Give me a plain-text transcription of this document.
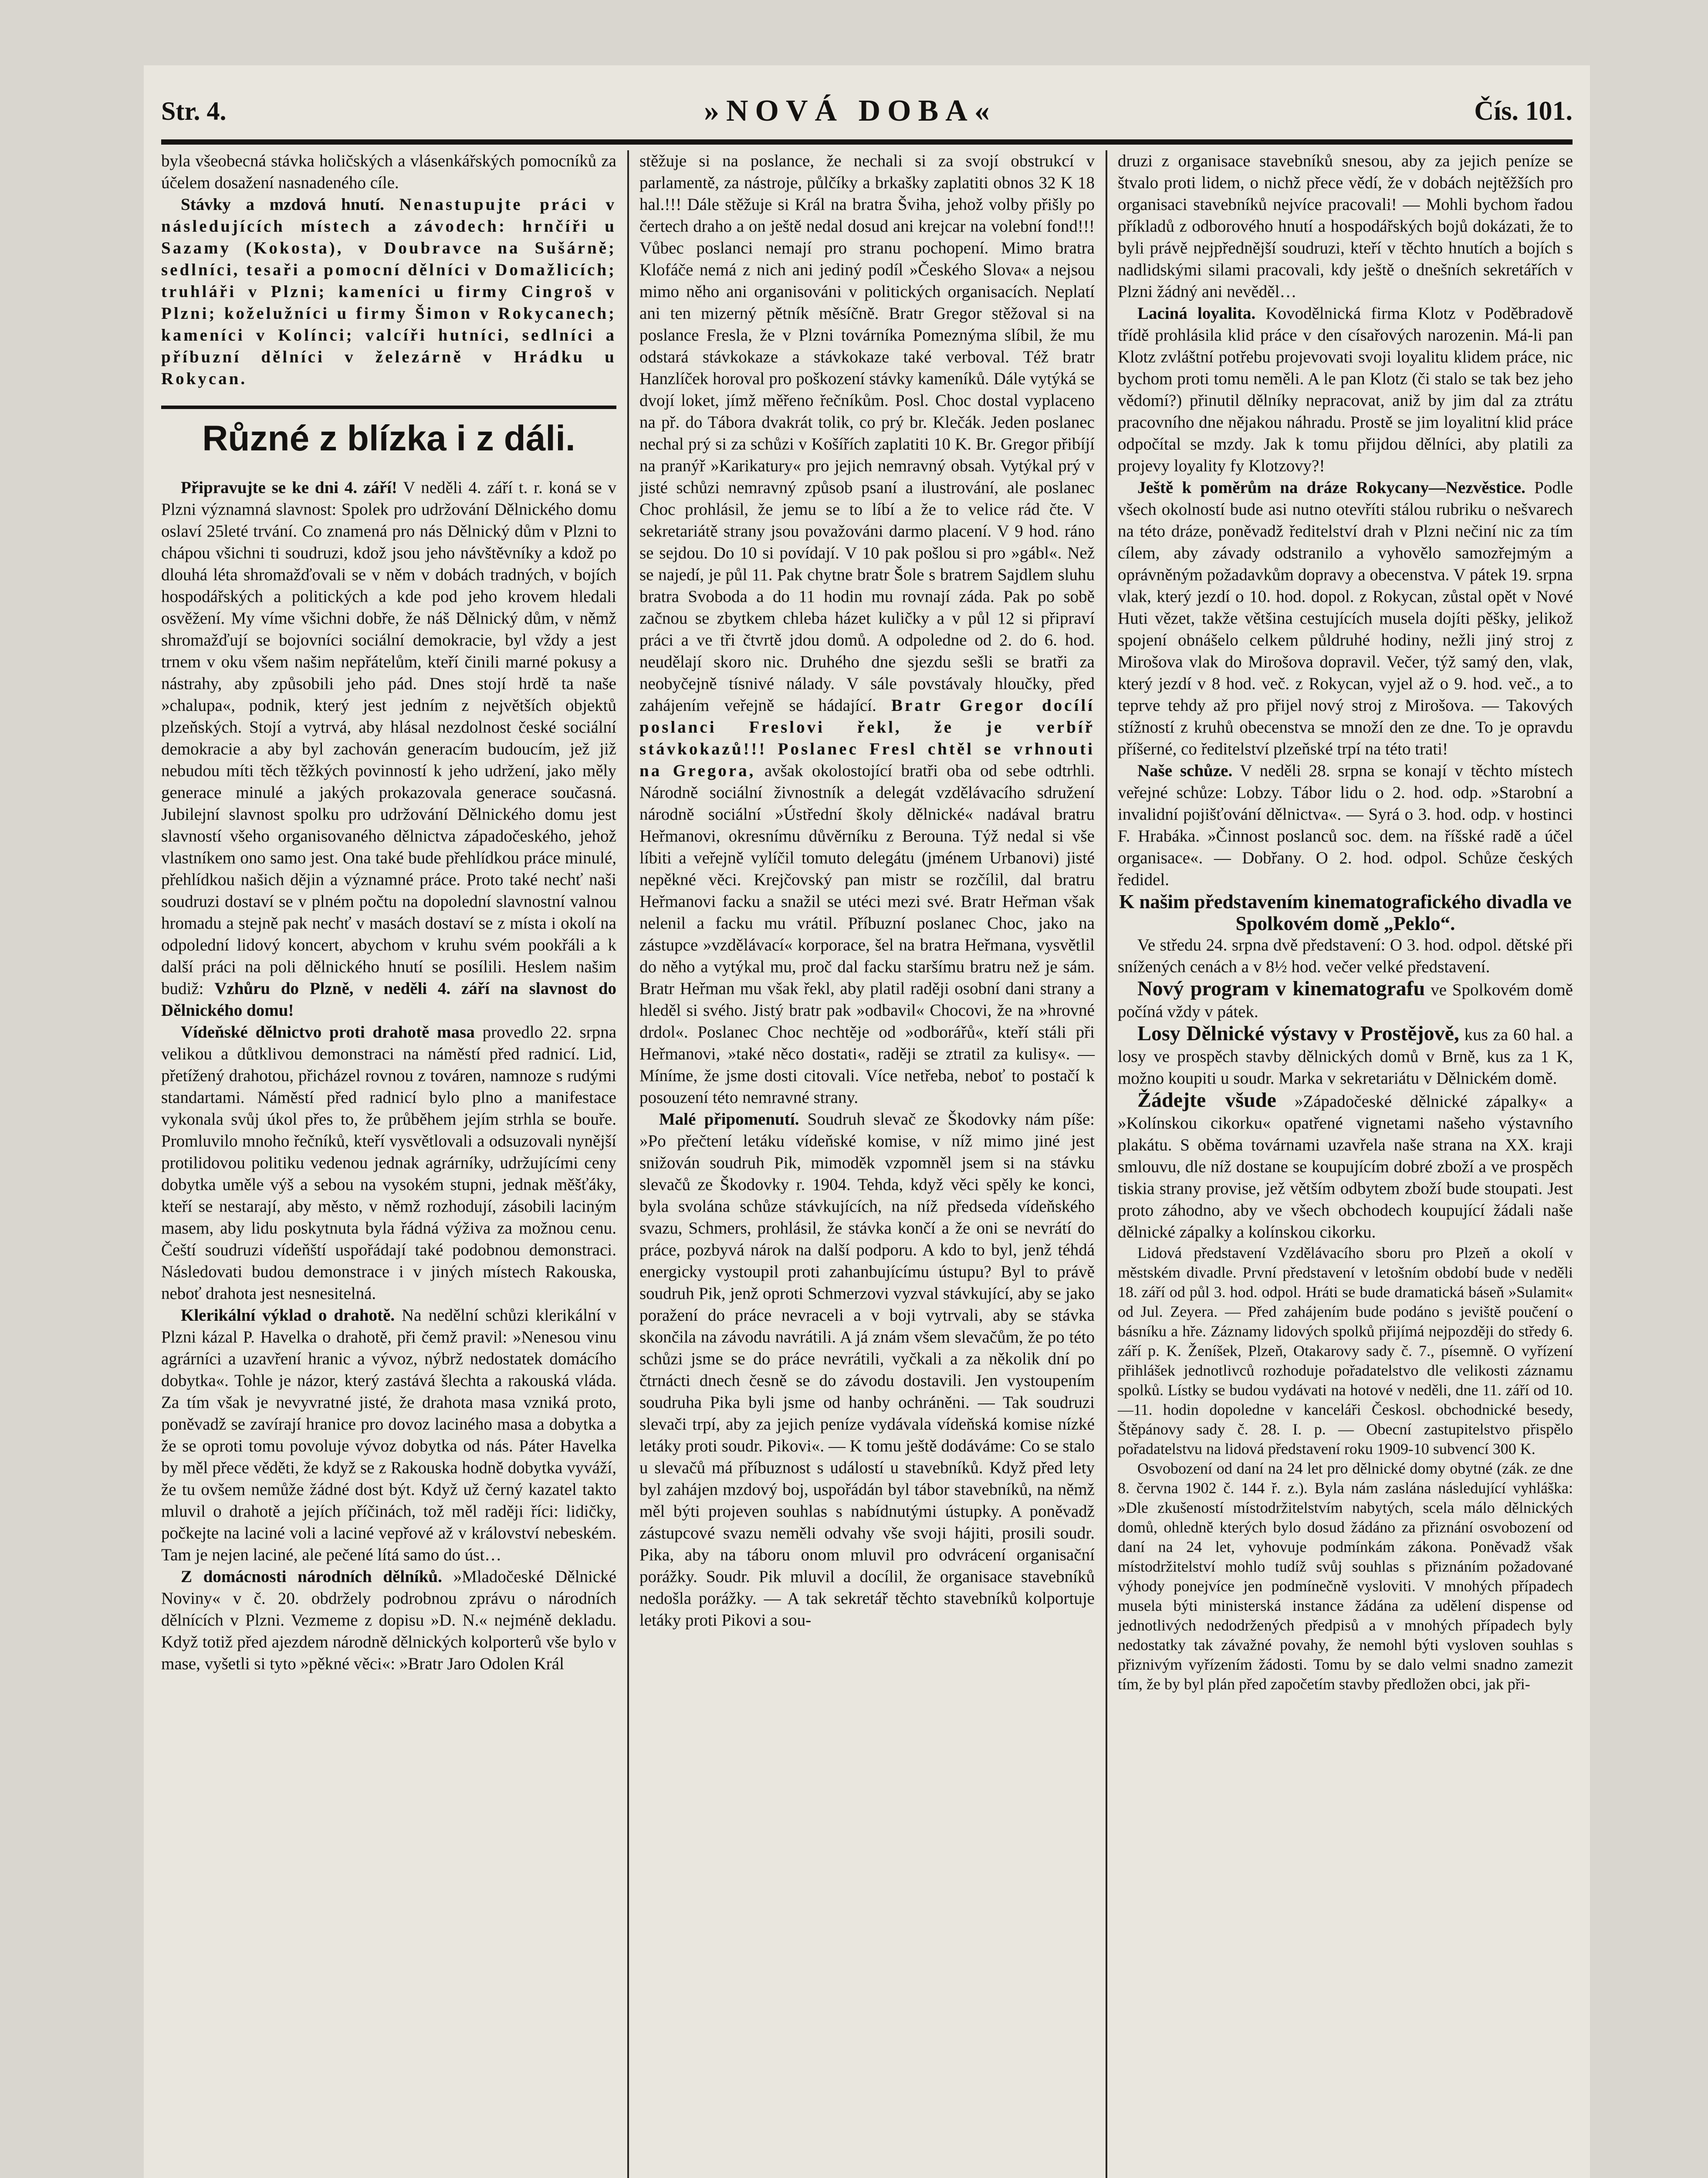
Str. 4.	»NOVÁ DOBA«	Čís. 101.

byla všeobecná stávka holičských a vlásenkářských pomocníků za účelem dosažení nasnadeného cíle.

Stávky a mzdová hnutí. Nenastupujte práci v následujících místech a závodech: hrnčíři u Sazamy (Kokosta), v Doubravce na Sušárně; sedlníci, tesaři a pomocní dělníci v Domažlicích; truhláři v Plzni; kameníci u firmy Cingroš v Plzni; koželužníci u firmy Šimon v Rokycanech; kameníci v Kolínci; valcíři hutníci, sedlníci a příbuzní dělníci v železárně v Hrádku u Rokycan.

Různé z blízka i z dáli.

Připravujte se ke dni 4. září! V neděli 4. září t. r. koná se v Plzni významná slavnost: Spolek pro udržování Dělnického domu oslaví 25leté trvání. Co znamená pro nás Dělnický dům v Plzni to chápou všichni ti soudruzi, kdož jsou jeho návštěvníky a kdož po dlouhá léta shromažďovali se v něm v dobách tradných, v bojích hospodářských a politických a kde pod jeho krovem hledali osvěžení. My víme všichni dobře, že náš Dělnický dům, v němž shromažďují se bojovníci sociální demokracie, byl vždy a jest trnem v oku všem našim nepřátelům, kteří činili marné pokusy a nástrahy, aby způsobili jeho pád. Dnes stojí hrdě ta naše »chalupa«, podnik, který jest jedním z největších objektů plzeňských. Stojí a vytrvá, aby hlásal nezdolnost české sociální demokracie a aby byl zachován generacím budoucím, jež již nebudou míti těch těžkých povinností k jeho udržení, jako měly generace minulé a jakých prokazovala generace současná. Jubilejní slavnost spolku pro udržování Dělnického domu jest slavností všeho organisovaného dělnictva západočeského, jehož vlastníkem ono samo jest. Ona také bude přehlídkou práce minulé, přehlídkou našich dějin a významné práce. Proto také nechť naši soudruzi dostaví se v plném počtu na dopolední slavnostní valnou hromadu a stejně pak nechť v masách dostaví se z místa i okolí na odpolední lidový koncert, abychom v kruhu svém pookřáli a k další práci na poli dělnického hnutí se posílili. Heslem našim budiž: Vzhůru do Plzně, v neděli 4. září na slavnost do Dělnického domu!

Vídeňské dělnictvo proti drahotě masa provedlo 22. srpna velikou a důtklivou demonstraci na náměstí před radnicí. Lid, přetížený drahotou, přicházel rovnou z továren, namnoze s rudými standartami. Náměstí před radnicí bylo plno a manifestace vykonala svůj úkol přes to, že průběhem jejím strhla se bouře. Promluvilo mnoho řečníků, kteří vysvětlovali a odsuzovali nynější protilidovou politiku vedenou jednak agrárníky, udržujícími ceny dobytka uměle výš a sebou na vysokém stupni, jednak měšťáky, kteří se nestarají, aby město, v němž rozhodují, zásobili laciným masem, aby lidu poskytnuta byla řádná výživa za možnou cenu. Čeští soudruzi vídeňští uspořádají také podobnou demonstraci. Následovati budou demonstrace i v jiných místech Rakouska, neboť drahota jest nesnesitelná.

Klerikální výklad o drahotě. Na nedělní schůzi klerikální v Plzni kázal P. Havelka o drahotě, při čemž pravil: »Nenesou vinu agrárníci a uzavření hranic a vývoz, nýbrž nedostatek domácího dobytka«. Tohle je názor, který zastává šlechta a rakouská vláda. Za tím však je nevyvratné jisté, že drahota masa vzniká proto, poněvadž se zavírají hranice pro dovoz laciného masa a dobytka a že se oproti tomu povoluje vývoz dobytka od nás. Páter Havelka by měl přece věděti, že když se z Rakouska hodně dobytka vyváží, že tu ovšem nemůže žádné dost být. Když už černý kazatel takto mluvil o drahotě a jejích příčinách, tož měl raději říci: lidičky, počkejte na laciné voli a laciné vepřové až v království nebeském. Tam je nejen laciné, ale pečené lítá samo do úst…

Z domácnosti národních dělníků. »Mladočeské Dělnické Noviny« v č. 20. obdržely podrobnou zprávu o národních dělnících v Plzni. Vezmeme z dopisu »D. N.« nejméně dekladu. Když totiž před ajezdem národně dělnických kolporterů vše bylo v mase, vyšetli si tyto »pěkné věci«: »Bratr Jaro Odolen Král

stěžuje si na poslance, že nechali si za svojí obstrukcí v parlamentě, za nástroje, půlčíky a brkašky zaplatiti obnos 32 K 18 hal.!!! Dále stěžuje si Král na bratra Šviha, jehož volby přišly po čertech draho a on ještě nedal dosud ani krejcar na volební fond!!! Vůbec poslanci nemají pro stranu pochopení. Mimo bratra Klofáče nemá z nich ani jediný podíl »Českého Slova« a nejsou mimo něho ani organisováni v politických organisacích. Neplatí ani ten mizerný pětník měsíčně. Bratr Gregor stěžoval si na poslance Fresla, že v Plzni továrníka Pomeznýma slíbil, že mu odstará stávkokaze a stávkokaze také verboval. Též bratr Hanzlíček horoval pro poškození stávky kameníků. Dále vytýká se dvojí loket, jímž měřeno řečníkům. Posl. Choc dostal vyplaceno na př. do Tábora dvakrát tolik, co prý br. Klečák. Jeden poslanec nechal prý si za schůzi v Košířích zaplatiti 10 K. Br. Gregor přibíjí na pranýř »Karikatury« pro jejich nemravný obsah. Vytýkal prý v jisté schůzi nemravný způsob psaní a ilustrování, ale poslanec Choc prohlásil, že jemu se to líbí a že to velice rád čte. V sekretariátě strany jsou považováni darmo placení. V 9 hod. ráno se sejdou. Do 10 si povídají. V 10 pak pošlou si pro »gábl«. Než se najedí, je půl 11. Pak chytne bratr Šole s bratrem Sajdlem sluhu bratra Svoboda a do 11 hodin mu rovnají záda. Pak po sobě začnou se zbytkem chleba házet kuličky a v půl 12 si připraví práci a ve tři čtvrtě jdou domů. A odpoledne od 2. do 6. hod. neudělají skoro nic. Druhého dne sjezdu sešli se bratři za neobyčejně tísnivé nálady. V sále povstávaly hloučky, před zahájením veřejně se hádající. Bratr Gregor docílí poslanci Freslovi řekl, že je verbíř stávkokazů!!! Poslanec Fresl chtěl se vrhnouti na Gregora, avšak okolostojící bratři oba od sebe odtrhli. Národně sociální živnostník a delegát vzdělávacího sdružení národně sociální »Ústřední školy dělnické« nadával bratru Heřmanovi, okresnímu důvěrníku z Berouna. Týž nedal si vše líbiti a veřejně vylíčil tomuto delegátu (jménem Urbanovi) jisté nepěkné věci. Krejčovský pan mistr se rozčílil, dal bratru Heřmanovi facku a snažil se utéci mezi své. Bratr Heřman však nelenil a facku mu vrátil. Příbuzní poslanec Choc, jako na zástupce »vzdělávací« korporace, šel na bratra Heřmana, vysvětlil do něho a vytýkal mu, proč dal facku staršímu bratru než je sám. Bratr Heřman mu však řekl, aby platil raději osobní dani strany a hleděl si svého. Jistý bratr pak »odbavil« Chocovi, že na »hrovné drdol«. Poslanec Choc nechtěje od »odborářů«, kteří stáli při Heřmanovi, »také něco dostati«, raději se ztratil za kulisy«. — Míníme, že jsme dosti citovali. Více netřeba, neboť to postačí k posouzení této nemravné strany.

Malé připomenutí. Soudruh slevač ze Škodovky nám píše: »Po přečtení letáku vídeňské komise, v níž mimo jiné jest snižován soudruh Pik, mimoděk vzpomněl jsem si na stávku slevačů ze Škodovky r. 1904. Tehda, když věci spěly ke konci, byla svolána schůze stávkujících, na níž předseda vídeňského svazu, Schmers, prohlásil, že stávka končí a že oni se nevrátí do práce, pozbyvá nárok na další podporu. A kdo to byl, jenž téhdá energicky vystoupil proti zahanbujícímu ústupu? Byl to právě soudruh Pik, jenž oproti Schmerzovi vyzval stávkující, aby se jako poražení do práce nevraceli a v boji vytrvali, aby se stávka skončila na závodu navrátili. A já znám všem slevačům, že po této schůzi jsme se do práce nevrátili, vyčkali a za několik dní po čtrnácti dnech česně se do závodu dostavili. Jen vystoupením soudruha Pika byli jsme od hanby ochráněni. — Tak soudruzi slevači trpí, aby za jejich peníze vydávala vídeňská komise nízké letáky proti soudr. Pikovi«. — K tomu ještě dodáváme: Co se stalo u slevačů má příbuznost s událostí u stavebníků. Když před lety byl zahájen mzdový boj, uspořádán byl tábor stavebníků, na němž měl býti projeven souhlas s nabídnutými ústupky. A poněvadž zástupcové svazu neměli odvahy vše svoji hájiti, prosili soudr. Pika, aby na táboru onom mluvil pro odvrácení organisační porážky. Soudr. Pik mluvil a docílil, že organisace stavebníků nedošla porážky. — A tak sekretář těchto stavebníků kolportuje letáky proti Pikovi a sou-

druzi z organisace stavebníků snesou, aby za jejich peníze se štvalo proti lidem, o nichž přece vědí, že v dobách nejtěžších pro organisaci stavebníků nejvíce pracovali! — Mohli bychom řadou příkladů z odborového hnutí a hospodářských bojů dokázati, že to byli právě nejpřednější soudruzi, kteří v těchto hnutích a bojích s nadlidskými silami pracovali, kdy ještě o dnešních sekretářích v Plzni žádný ani nevěděl…

Laciná loyalita. Kovodělnická firma Klotz v Poděbradově třídě prohlásila klid práce v den císařových narozenin. Má-li pan Klotz zvláštní potřebu projevovati svoji loyalitu klidem práce, nic bychom proti tomu neměli. A le pan Klotz (či stalo se tak bez jeho vědomí?) přinutil dělníky nepracovat, aniž by jim dal za ztrátu pracovního dne nějakou náhradu. Prostě se jim loyalitní klid práce odpočítal se mzdy. Jak k tomu přijdou dělníci, aby platili za projevy loyality fy Klotzovy?!

Ještě k poměrům na dráze Rokycany—Nezvěstice. Podle všech okolností bude asi nutno otevříti stálou rubriku o nešvarech na této dráze, poněvadž ředitelství drah v Plzni nečiní nic za tím cílem, aby závady odstranilo a vyhovělo samozřejmým a oprávněným požadavkům dopravy a obecenstva. V pátek 19. srpna vlak, který jezdí o 10. hod. dopol. z Rokycan, zůstal opět v Nové Huti vězet, takže většina cestujících musela dojíti pěšky, jelikož spojení obnášelo celkem půldruhé hodiny, nežli jiný stroj z Mirošova vlak do Mirošova dopravil. Večer, týž samý den, vlak, který jezdí v 8 hod. več. z Rokycan, vyjel až o 9. hod. več., a to teprve tehdy až pro přijel nový stroj z Mirošova. — Takových stížností z kruhů obecenstva se množí den ze dne. To je opravdu příšerné, co ředitelství plzeňské trpí na této trati!

Naše schůze. V neděli 28. srpna se konají v těchto místech veřejné schůze: Lobzy. Tábor lidu o 2. hod. odp. »Starobní a invalidní pojišťování dělnictva«. — Syrá o 3. hod. odp. v hostinci F. Hrabáka. »Činnost poslanců soc. dem. na říšské radě a účel organisace«. — Dobřany. O 2. hod. odpol. Schůze českých ředidel.

K našim představením kinematografického divadla ve Spolkovém domě „Peklo“.

Ve středu 24. srpna dvě představení: O 3. hod. odpol. dětské při snížených cenách a v 8½ hod. večer velké představení.

Nový program v kinematografu ve Spolkovém domě počíná vždy v pátek.

Losy Dělnické výstavy v Prostějově, kus za 60 hal. a losy ve prospěch stavby dělnických domů v Brně, kus za 1 K, možno koupiti u soudr. Marka v sekretariátu v Dělnickém domě.

Žádejte všude »Západočeské dělnické zápalky« a »Kolínskou cikorku« opatřené vignetami našeho výstavního plakátu. S oběma továrnami uzavřela naše strana na XX. kraji smlouvu, dle níž dostane se koupujícím dobré zboží a ve prospěch tiskia strany provise, jež větším odbytem zboží bude stoupati. Jest proto záhodno, aby ve všech obchodech koupující žádali naše dělnické zápalky a kolínskou cikorku.

Lidová představení Vzdělávacího sboru pro Plzeň a okolí v městském divadle. První představení v letošním období bude v neděli 18. září od půl 3. hod. odpol. Hráti se bude dramatická báseň »Sulamit« od Jul. Zeyera. — Před zahájením bude podáno s jeviště poučení o básníku a hře. Záznamy lidových spolků přijímá nejpozději do středy 6. září p. K. Ženíšek, Plzeň, Otakarovy sady č. 7., písemně. O vyřízení přihlášek jednotlivců rozhoduje pořadatelstvo dle velikosti záznamu spolků. Lístky se budou vydávati na hotové v neděli, dne 11. září od 10.—11. hodin dopoledne v kanceláři Českosl. obchodnické besedy, Štěpánovy sady č. 28. I. p. — Obecní zastupitelstvo přispělo pořadatelstvu na lidová představení roku 1909-10 subvencí 300 K.

Osvobození od daní na 24 let pro dělnické domy obytné (zák. ze dne 8. června 1902 č. 144 ř. z.). Byla nám zaslána následující vyhláška: »Dle zkušeností místodržitelstvím nabytých, scela málo dělnických domů, ohledně kterých bylo dosud žádáno za přiznání osvobození od daní na 24 let, vyhovuje podmínkám zákona. Poněvadž však místodržitelství mohlo tudíž svůj souhlas s přiznáním požadované výhody ponejvíce jen podmínečně vysloviti. V mnohých případech musela býti ministerská instance žádána za udělení dispense od jednotlivých nedodržených předpisů a v mnohých případech byly nedostatky tak závažné povahy, že nemohl býti vysloven souhlas s přiznivým vyřízením žádosti. Tomu by se dalo velmi snadno zamezit tím, že by byl plán před započetím stavby předložen obci, jak při-
